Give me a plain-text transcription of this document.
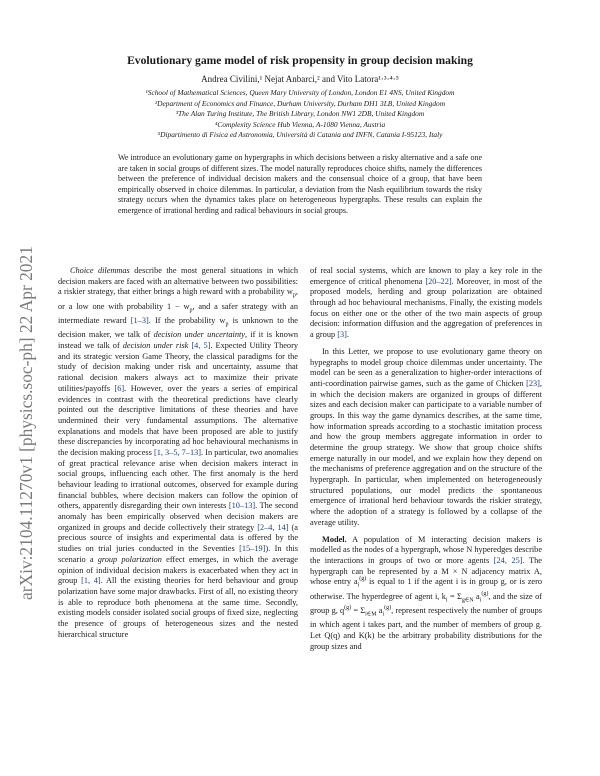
arXiv:2104.11270v1 [physics.soc-ph] 22 Apr 2021
Evolutionary game model of risk propensity in group decision making
Andrea Civilini,¹ Nejat Anbarci,² and Vito Latora¹·³·⁴·⁵
¹School of Mathematical Sciences, Queen Mary University of London, London E1 4NS, United Kingdom
²Department of Economics and Finance, Durham University, Durham DH1 3LB, United Kingdom
³The Alan Turing Institute, The British Library, London NW1 2DB, United Kingdom
⁴Complexity Science Hub Vienna, A-1080 Vienna, Austria
⁵Dipartimento di Fisica ed Astronomia, Università di Catania and INFN, Catania I-95123, Italy
We introduce an evolutionary game on hypergraphs in which decisions between a risky alternative and a safe one are taken in social groups of different sizes. The model naturally reproduces choice shifts, namely the differences between the preference of individual decision makers and the consensual choice of a group, that have been empirically observed in choice dilemmas. In particular, a deviation from the Nash equilibrium towards the risky strategy occurs when the dynamics takes place on heterogeneous hypergraphs. These results can explain the emergence of irrational herding and radical behaviours in social groups.

Choice dilemmas describe the most general situations in which decision makers are faced with an alternative between two possibilities: a riskier strategy, that either brings a high reward with a probability $w_p$, or a low one with probability $1 - w_p$, and a safer strategy with an intermediate reward [1–3]. If the probability $w_p$ is unknown to the decision maker, we talk of decision under uncertainty, if it is known instead we talk of decision under risk [4, 5]. Expected Utility Theory and its strategic version Game Theory, the classical paradigms for the study of decision making under risk and uncertainty, assume that rational decision makers always act to maximize their private utilities/payoffs [6]. However, over the years a series of empirical evidences in contrast with the theoretical predictions have clearly pointed out the descriptive limitations of these theories and have undermined their very fundamental assumptions. The alternative explanations and models that have been proposed are able to justify these discrepancies by incorporating ad hoc behavioural mechanisms in the decision making process [1, 3–5, 7–13]. In particular, two anomalies of great practical relevance arise when decision makers interact in social groups, influencing each other. The first anomaly is the herd behaviour leading to irrational outcomes, observed for example during financial bubbles, where decision makers can follow the opinion of others, apparently disregarding their own interests [10–13]. The second anomaly has been empirically observed when decision makers are organized in groups and decide collectively their strategy [2–4, 14] (a precious source of insights and experimental data is offered by the studies on trial juries conducted in the Seventies [15–19]). In this scenario a group polarization effect emerges, in which the average opinion of individual decision makers is exacerbated when they act in group [1, 4]. All the existing theories for herd behaviour and group polarization have some major drawbacks. First of all, no existing theory is able to reproduce both phenomena at the same time. Secondly, existing models consider isolated social groups of fixed size, neglecting the presence of groups of heterogeneous sizes and the nested hierarchical structure

of real social systems, which are known to play a key role in the emergence of critical phenomena [20–22]. Moreover, in most of the proposed models, herding and group polarization are obtained through ad hoc behavioural mechanisms. Finally, the existing models focus on either one or the other of the two main aspects of group decision: information diffusion and the aggregation of preferences in a group [3].

In this Letter, we propose to use evolutionary game theory on hypegraphs to model group choice dilemmas under uncertainty. The model can be seen as a generalization to higher-order interactions of anti-coordination pairwise games, such as the game of Chicken [23], in which the decision makers are organized in groups of different sizes and each decision maker can participate to a variable number of groups. In this way the game dynamics describes, at the same time, how information spreads according to a stochastic imitation process and how the group members aggregate information in order to determine the group strategy. We show that group choice shifts emerge naturally in our model, and we explain how they depend on the mechanisms of preference aggregation and on the structure of the hypergraph. In particular, when implemented on heterogeneously structured populations, our model predicts the spontaneous emergence of irrational herd behaviour towards the riskier strategy, where the adoption of a strategy is followed by a collapse of the average utility.

Model. A population of M interacting decision makers is modelled as the nodes of a hypergraph, whose N hyperedges describe the interactions in groups of two or more agents [24, 25]. The hypergraph can be represented by a M × N adjacency matrix A, whose entry $a_i^{(g)}$ is equal to 1 if the agent i is in group g, or is zero otherwise. The hyperdegree of agent i, $k_i = \Sigma_{g\in N}$ $a_i^{(g)}$, and the size of group g, $q^{(g)} = \Sigma_{i\in M}$ $a_i^{(g)}$, represent respectively the number of groups in which agent i takes part, and the number of members of group g. Let Q(q) and K(k) be the arbitrary probability distributions for the group sizes and
